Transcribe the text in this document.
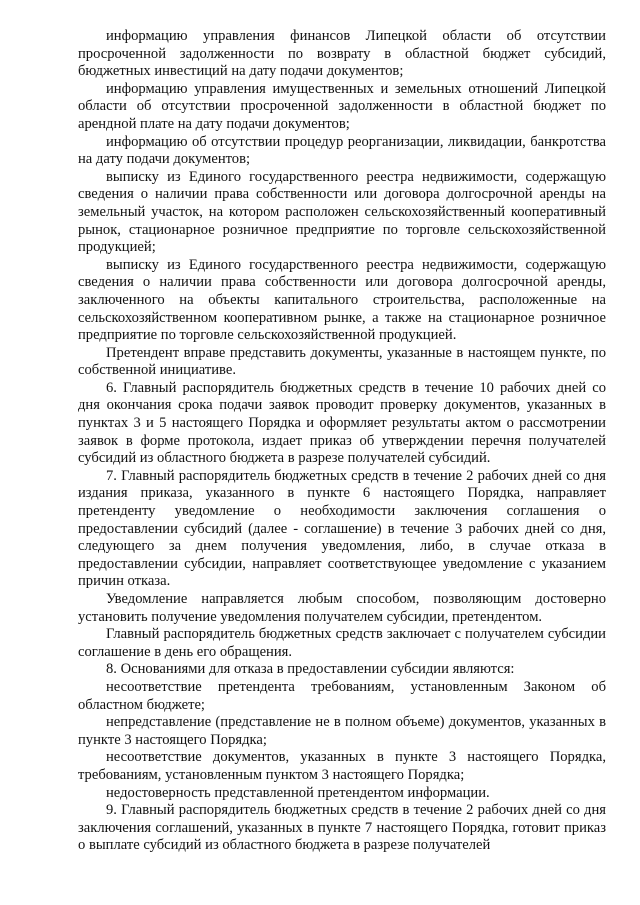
информацию управления финансов Липецкой области об отсутствии просроченной задолженности по возврату в областной бюджет субсидий, бюджетных инвестиций на дату подачи документов;

информацию управления имущественных и земельных отношений Липецкой области об отсутствии просроченной задолженности в областной бюджет по арендной плате на дату подачи документов;

информацию об отсутствии процедур реорганизации, ликвидации, банкротства на дату подачи документов;

выписку из Единого государственного реестра недвижимости, содержащую сведения о наличии права собственности или договора долгосрочной аренды на земельный участок, на котором расположен сельскохозяйственный кооперативный рынок, стационарное розничное предприятие по торговле сельскохозяйственной продукцией;

выписку из Единого государственного реестра недвижимости, содержащую сведения о наличии права собственности или договора долгосрочной аренды, заключенного на объекты капитального строительства, расположенные на сельскохозяйственном кооперативном рынке, а также на стационарное розничное предприятие по торговле сельскохозяйственной продукцией.

Претендент вправе представить документы, указанные в настоящем пункте, по собственной инициативе.

6. Главный распорядитель бюджетных средств в течение 10 рабочих дней со дня окончания срока подачи заявок проводит проверку документов, указанных в пунктах 3 и 5 настоящего Порядка и оформляет результаты актом о рассмотрении заявок в форме протокола, издает приказ об утверждении перечня получателей субсидий из областного бюджета в разрезе получателей субсидий.

7. Главный распорядитель бюджетных средств в течение 2 рабочих дней со дня издания приказа, указанного в пункте 6 настоящего Порядка, направляет претенденту уведомление о необходимости заключения соглашения о предоставлении субсидий (далее - соглашение) в течение 3 рабочих дней со дня, следующего за днем получения уведомления, либо, в случае отказа в предоставлении субсидии, направляет соответствующее уведомление с указанием причин отказа.

Уведомление направляется любым способом, позволяющим достоверно установить получение уведомления получателем субсидии, претендентом.

Главный распорядитель бюджетных средств заключает с получателем субсидии соглашение в день его обращения.

8. Основаниями для отказа в предоставлении субсидии являются:

несоответствие претендента требованиям, установленным Законом об областном бюджете;

непредставление (представление не в полном объеме) документов, указанных в пункте 3 настоящего Порядка;

несоответствие документов, указанных в пункте 3 настоящего Порядка, требованиям, установленным пунктом 3 настоящего Порядка;

недостоверность представленной претендентом информации.

9. Главный распорядитель бюджетных средств в течение 2 рабочих дней со дня заключения соглашений, указанных в пункте 7 настоящего Порядка, готовит приказ о выплате субсидий из областного бюджета в разрезе получателей
